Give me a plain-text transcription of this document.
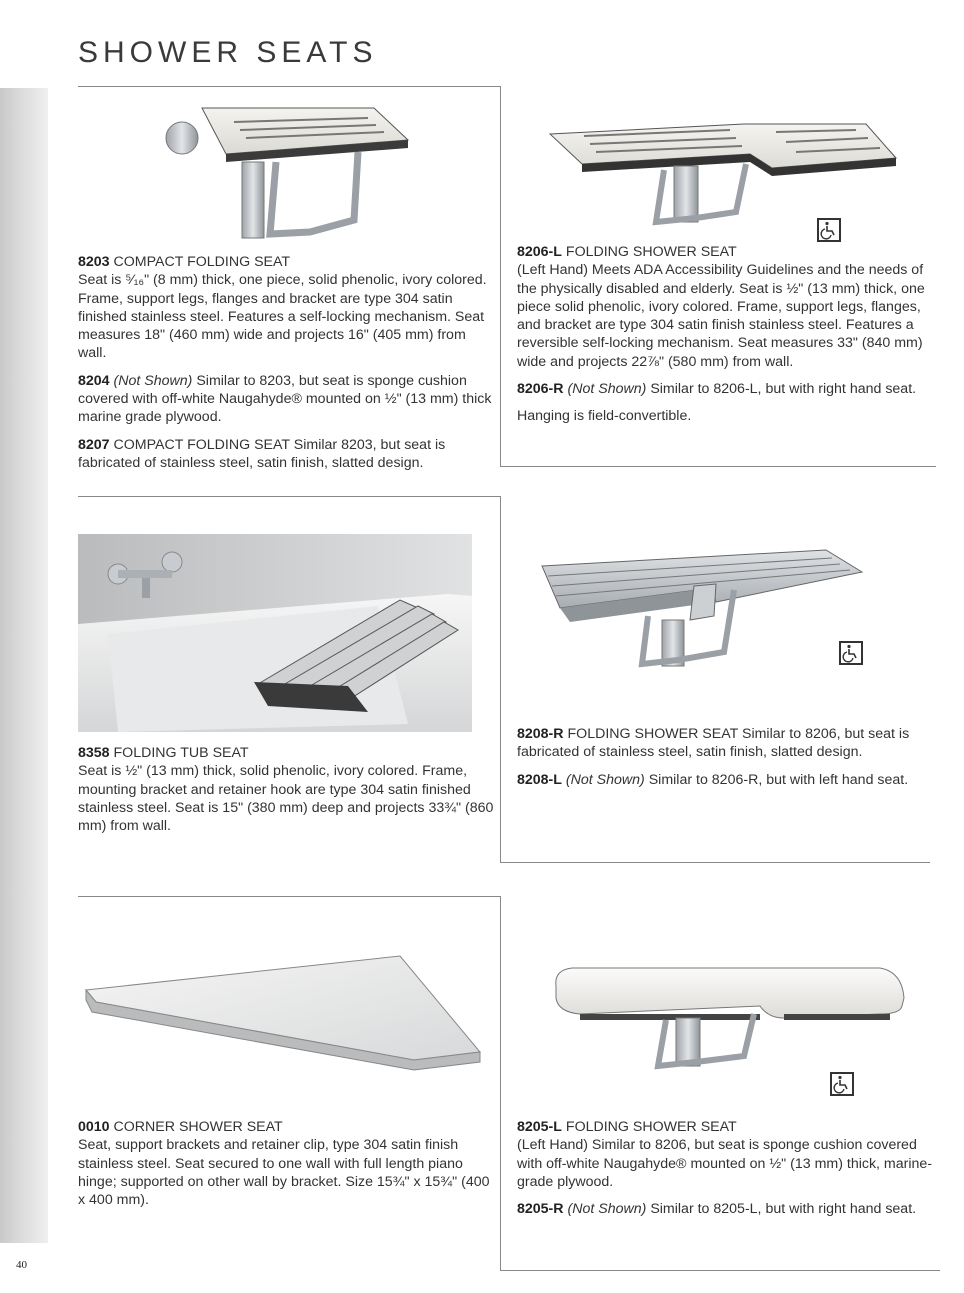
SHOWER SEATS
40

8203 COMPACT FOLDING SEAT
Seat is ⁵⁄₁₆" (8 mm) thick, one piece, solid phenolic, ivory colored. Frame, support legs, flanges and bracket are type 304 satin finished stainless steel. Features a self-locking mechanism. Seat measures 18" (460 mm) wide and projects 16" (405 mm) from wall.

8204 (Not Shown) Similar to 8203, but seat is sponge cushion covered with off-white Naugahyde® mounted on ½" (13 mm) thick marine grade plywood.

8207 COMPACT FOLDING SEAT Similar 8203, but seat is fabricated of stainless steel, satin finish, slatted design.

8206-L FOLDING SHOWER SEAT
(Left Hand) Meets ADA Accessibility Guidelines and the needs of the physically disabled and elderly. Seat is ½" (13 mm) thick, one piece solid phenolic, ivory colored. Frame, support legs, flanges, and bracket are type 304 satin finish stainless steel. Features a reversible self-locking mechanism. Seat measures 33" (840 mm) wide and projects 22⅞" (580 mm) from wall.

8206-R (Not Shown) Similar to 8206-L, but with right hand seat.

Hanging is field-convertible.

8358 FOLDING TUB SEAT
Seat is ½" (13 mm) thick, solid phenolic, ivory colored. Frame, mounting bracket and retainer hook are type 304 satin finished stainless steel. Seat is 15" (380 mm) deep and projects 33¾" (860 mm) from wall.

8208-R FOLDING SHOWER SEAT Similar to 8206, but seat is fabricated of stainless steel, satin finish, slatted design.

8208-L (Not Shown) Similar to 8206-R, but with left hand seat.

0010 CORNER SHOWER SEAT
Seat, support brackets and retainer clip, type 304 satin finish stainless steel. Seat secured to one wall with full length piano hinge; supported on other wall by bracket. Size 15¾" x 15¾" (400 x 400 mm).

8205-L FOLDING SHOWER SEAT
(Left Hand) Similar to 8206, but seat is sponge cushion covered with off-white Naugahyde® mounted on ½" (13 mm) thick, marine-grade plywood.

8205-R (Not Shown) Similar to 8205-L, but with right hand seat.
